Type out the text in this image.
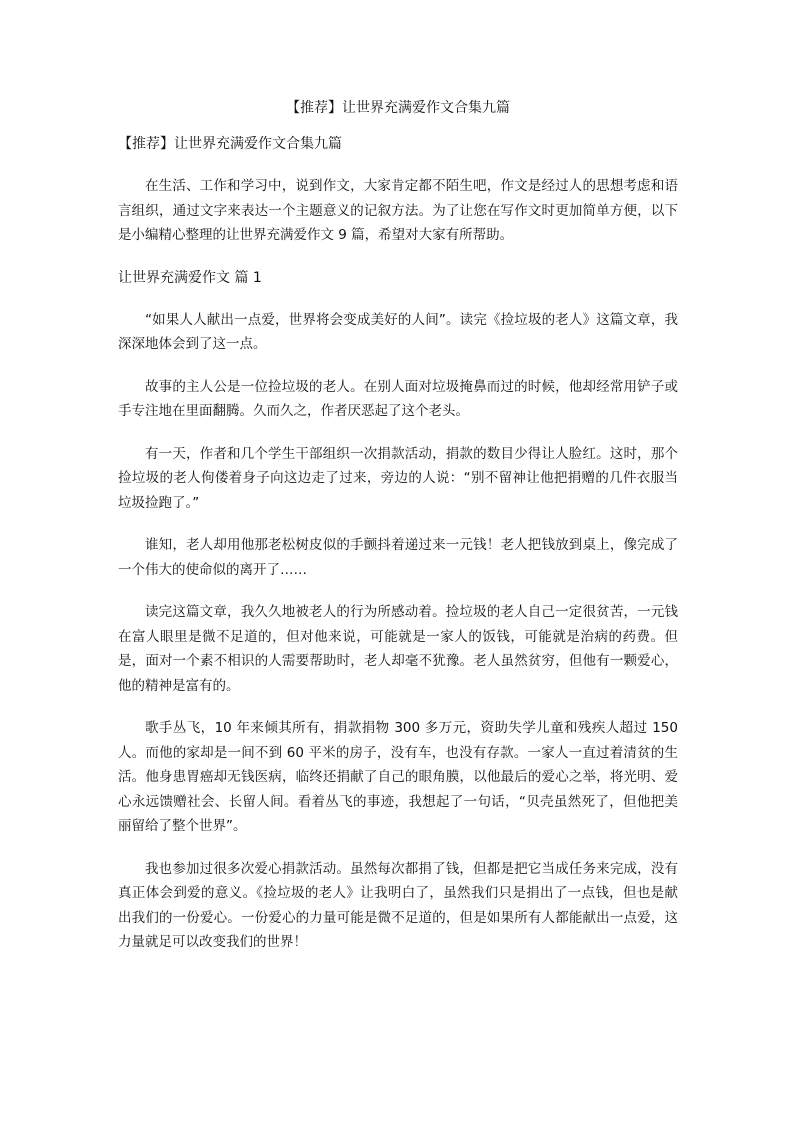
【推荐】让世界充满爱作文合集九篇
【推荐】让世界充满爱作文合集九篇

在生活、工作和学习中，说到作文，大家肯定都不陌生吧，作文是经过人的思想考虑和语言组织，通过文字来表达一个主题意义的记叙方法。为了让您在写作文时更加简单方便，以下是小编精心整理的让世界充满爱作文 9 篇，希望对大家有所帮助。

让世界充满爱作文 篇 1

“如果人人献出一点爱，世界将会变成美好的人间”。读完《捡垃圾的老人》这篇文章，我深深地体会到了这一点。

故事的主人公是一位捡垃圾的老人。在别人面对垃圾掩鼻而过的时候，他却经常用铲子或手专注地在里面翻腾。久而久之，作者厌恶起了这个老头。

有一天，作者和几个学生干部组织一次捐款活动，捐款的数目少得让人脸红。这时，那个捡垃圾的老人佝偻着身子向这边走了过来，旁边的人说：“别不留神让他把捐赠的几件衣服当垃圾捡跑了。”

谁知，老人却用他那老松树皮似的手颤抖着递过来一元钱！老人把钱放到桌上，像完成了一个伟大的使命似的离开了……

读完这篇文章，我久久地被老人的行为所感动着。捡垃圾的老人自己一定很贫苦，一元钱在富人眼里是微不足道的，但对他来说，可能就是一家人的饭钱，可能就是治病的药费。但是，面对一个素不相识的人需要帮助时，老人却毫不犹豫。老人虽然贫穷，但他有一颗爱心，他的精神是富有的。

歌手丛飞，10 年来倾其所有，捐款捐物 300 多万元，资助失学儿童和残疾人超过 150 人。而他的家却是一间不到 60 平米的房子，没有车，也没有存款。一家人一直过着清贫的生活。他身患胃癌却无钱医病，临终还捐献了自己的眼角膜，以他最后的爱心之举，将光明、爱心永远馈赠社会、长留人间。看着丛飞的事迹，我想起了一句话，“贝壳虽然死了，但他把美丽留给了整个世界”。

我也参加过很多次爱心捐款活动。虽然每次都捐了钱，但都是把它当成任务来完成，没有真正体会到爱的意义。《捡垃圾的老人》让我明白了，虽然我们只是捐出了一点钱，但也是献出我们的一份爱心。一份爱心的力量可能是微不足道的，但是如果所有人都能献出一点爱，这力量就足可以改变我们的世界！
